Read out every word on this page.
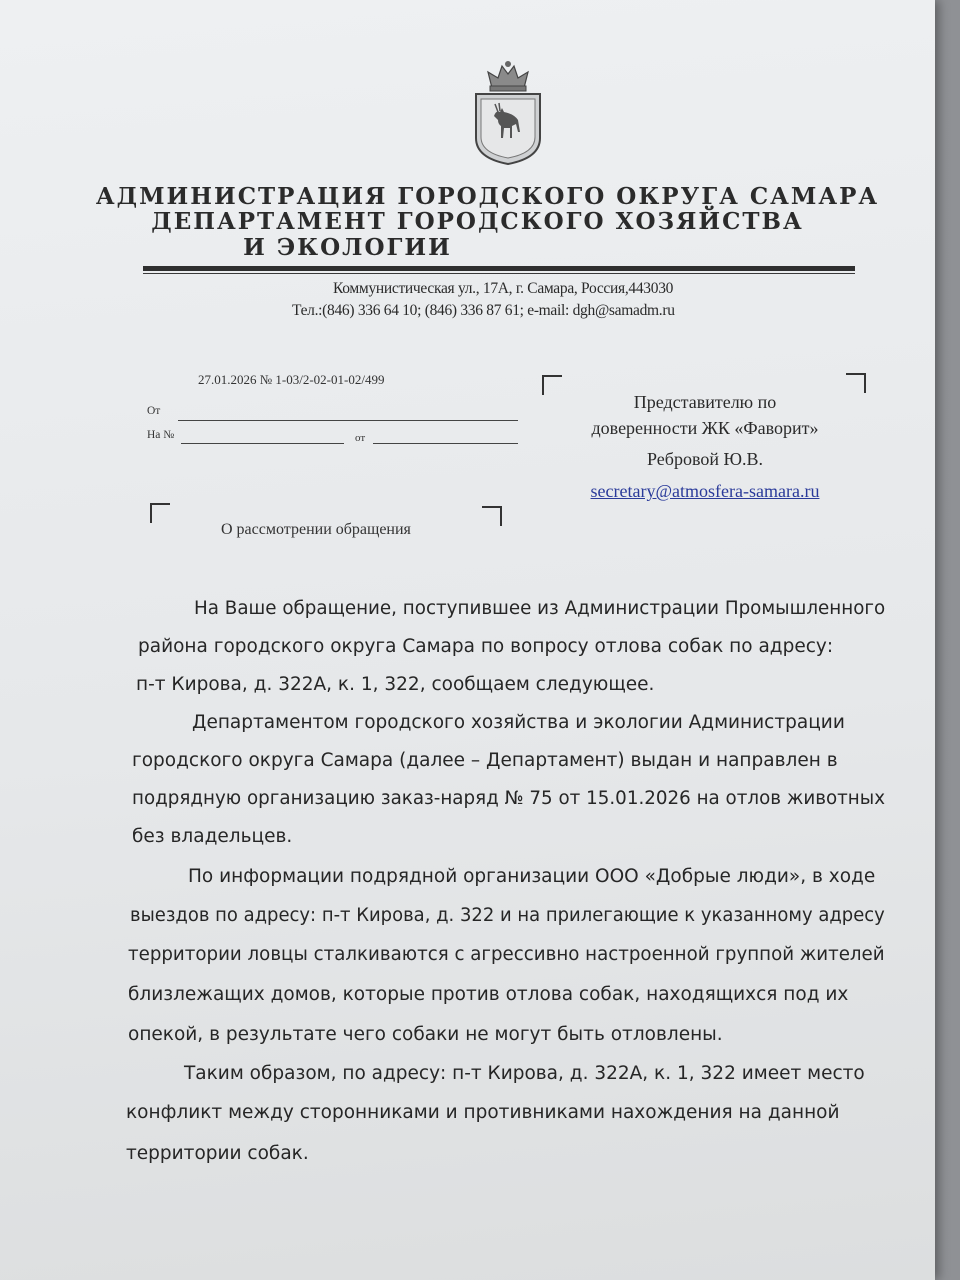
АДМИНИСТРАЦИЯ ГОРОДСКОГО ОКРУГА САМАРА
ДЕПАРТАМЕНТ ГОРОДСКОГО ХОЗЯЙСТВА
И ЭКОЛОГИИ
Коммунистическая ул., 17А, г. Самара, Россия,443030
Тел.:(846) 336 64 10; (846) 336 87 61; e-mail: dgh@samadm.ru
27.01.2026 № 1-03/2-02-01-02/499
От
На №	от
Представителю по
доверенности ЖК «Фаворит»
Ребровой Ю.В.
secretary@atmosfera-samara.ru
О рассмотрении обращения
На Ваше обращение, поступившее из Администрации Промышленного
района городского округа Самара по вопросу отлова собак по адресу:
п-т Кирова, д. 322А, к. 1, 322, сообщаем следующее.
Департаментом городского хозяйства и экологии Администрации
городского округа Самара (далее – Департамент) выдан и направлен в
подрядную организацию заказ-наряд № 75 от 15.01.2026 на отлов животных
без владельцев.
По информации подрядной организации ООО «Добрые люди», в ходе
выездов по адресу: п-т Кирова, д. 322 и на прилегающие к указанному адресу
территории ловцы сталкиваются с агрессивно настроенной группой жителей
близлежащих домов, которые против отлова собак, находящихся под их
опекой, в результате чего собаки не могут быть отловлены.
Таким образом, по адресу: п-т Кирова, д. 322А, к. 1, 322 имеет место
конфликт между сторонниками и противниками нахождения на данной
территории собак.
